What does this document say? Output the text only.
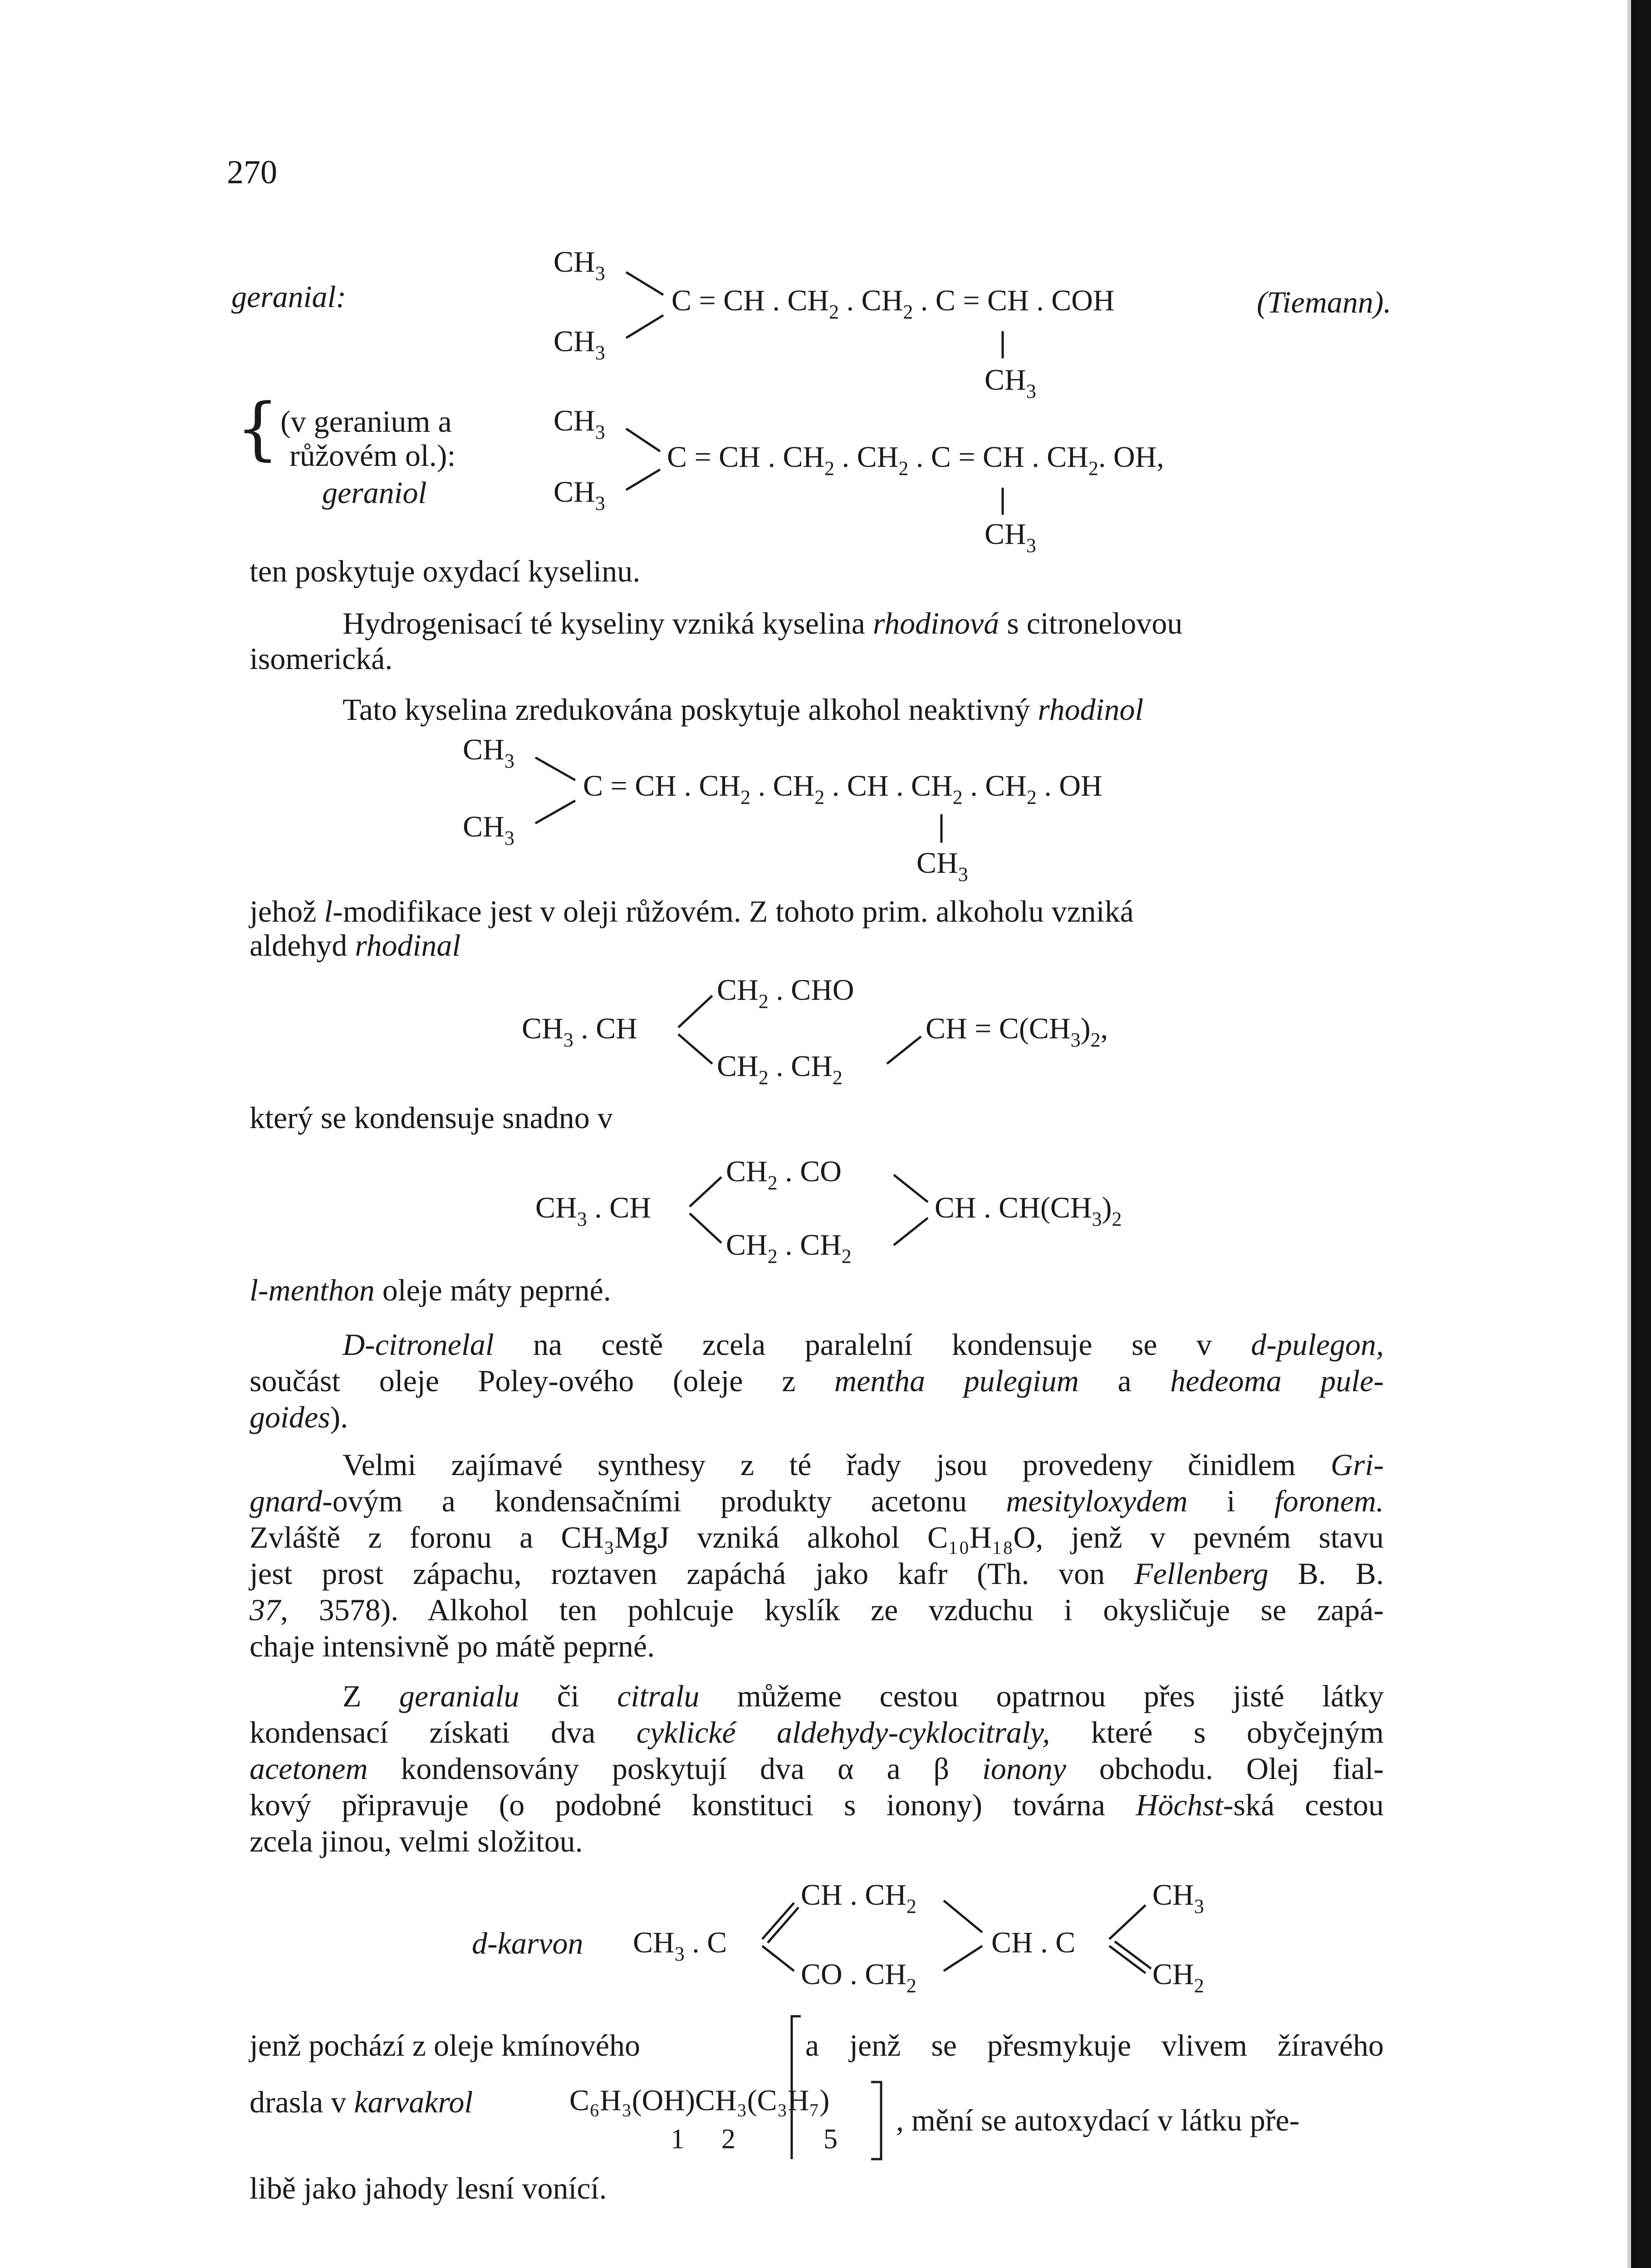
270
geranial:
$CH_3$
$CH_3$
C = CH . $CH_2$ . $CH_2$ . C = CH . COH	(Tiemann).
$CH_3$
{ (v geranium a
růžovém ol.):
geraniol
$CH_3$
$CH_3$
C = CH . $CH_2$ . $CH_2$ . C = CH . $CH_2$. OH,
$CH_3$
ten poskytuje oxydací kyselinu.
Hydrogenisací té kyseliny vzniká kyselina rhodinová s citronelovou
isomerická.
Tato kyselina zredukována poskytuje alkohol neaktivný rhodinol
$CH_3$
$CH_3$
C = CH . $CH_2$ . $CH_2$ . CH . $CH_2$ . $CH_2$ . OH
$CH_3$
jehož l-modifikace jest v oleji růžovém. Z tohoto prim. alkoholu vzniká
aldehyd rhodinal
$CH_2$ . CHO
$CH_3$ . CH	CH = $C(CH_3)_2$,
$CH_2$ . $CH_2$
který se kondensuje snadno v
$CH_2$ . CO
$CH_3$ . CH	CH . $CH(CH_3)_2$
$CH_2$ . $CH_2$
l-menthon oleje máty peprné.
D-citronelal na cestě zcela paralelní kondensuje se v d-pulegon,
součást oleje Poley-ového (oleje z mentha pulegium a hedeoma pule-
goides).
Velmi zajímavé synthesy z té řady jsou provedeny činidlem Gri-
gnard-ovým a kondensačními produkty acetonu mesityloxydem i foronem.
Zvláště z foronu a CH₃MgJ vzniká alkohol C₁₀H₁₈O, jenž v pevném stavu
jest prost zápachu, roztaven zapáchá jako kafr (Th. von Fellenberg B. B.
37, 3578). Alkohol ten pohlcuje kyslík ze vzduchu i okysličuje se zapá-
chaje intensivně po mátě peprné.
Z geranialu či citralu můžeme cestou opatrnou přes jisté látky
kondensací získati dva cyklické aldehydy-cyklocitraly, které s obyčejným
acetonem kondensovány poskytují dva α a β ionony obchodu. Olej fial-
kový připravuje (o podobné konstituci s ionony) továrna Höchst-ská cestou
zcela jinou, velmi složitou.
d-karvon $CH_3$ . C
CH . $CH_2$
CO . $CH_2$
CH . C
$CH_3$
$CH_2$
jenž pochází z oleje kmínového	a jenž se přesmykuje vlivem žíravého
drasla v karvakrol	C₆H₃(OH)CH₃(C₃H₇)
, mění se autoxydací v látku pře-
1 2	5
libě jako jahody lesní vonící.
